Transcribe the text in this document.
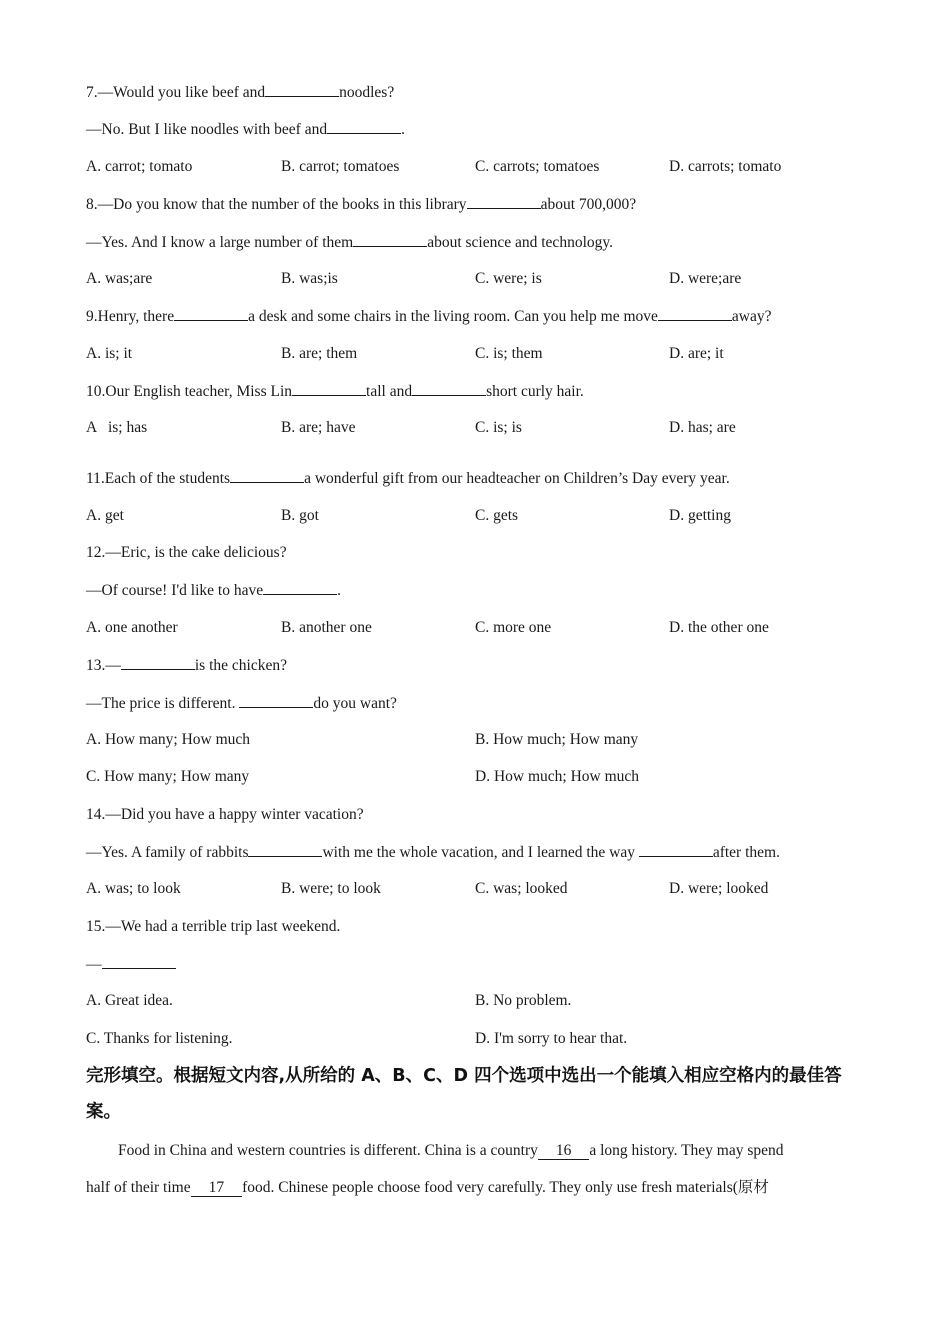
7.—Would you like beef and	noodles?
—No. But I like noodles with beef and	.
A. carrot; tomato	B. carrot; tomatoes	C. carrots; tomatoes	D. carrots; tomato
8.—Do you know that the number of the books in this library	about 700,000?
—Yes. And I know a large number of them	about science and technology.
A. was;are	B. was;is	C. were; is	D. were;are
9.Henry, there	a desk and some chairs in the living room. Can you help me move	away?
A. is; it	B. are; them	C. is; them	D. are; it
10.Our English teacher, Miss Lin	tall and	short curly hair.
A   is; has	B. are; have	C. is; is	D. has; are
11.Each of the students	a wonderful gift from our headteacher on Children’s Day every year.
A. get	B. got	C. gets	D. getting
12.—Eric, is the cake delicious?
—Of course! I'd like to have	.
A. one another	B. another one	C. more one	D. the other one
13.—	is the chicken?
—The price is different.	do you want?
A. How many; How much	B. How much; How many
C. How many; How many	D. How much; How much
14.—Did you have a happy winter vacation?
—Yes. A family of rabbits	with me the whole vacation, and I learned the way	after them.
A. was; to look	B. were; to look	C. was; looked	D. were; looked
15.—We had a terrible trip last weekend.
—
A. Great idea.	B. No problem.
C. Thanks for listening.	D. I'm sorry to hear that.
完形填空。根据短文内容,从所给的 A、B、C、D 四个选项中选出一个能填入相应空格内的最佳答案。
Food in China and western countries is different. China is a country 16 a long history. They may spend
half of their time 17 food. Chinese people choose food very carefully. They only use fresh materials(原材
